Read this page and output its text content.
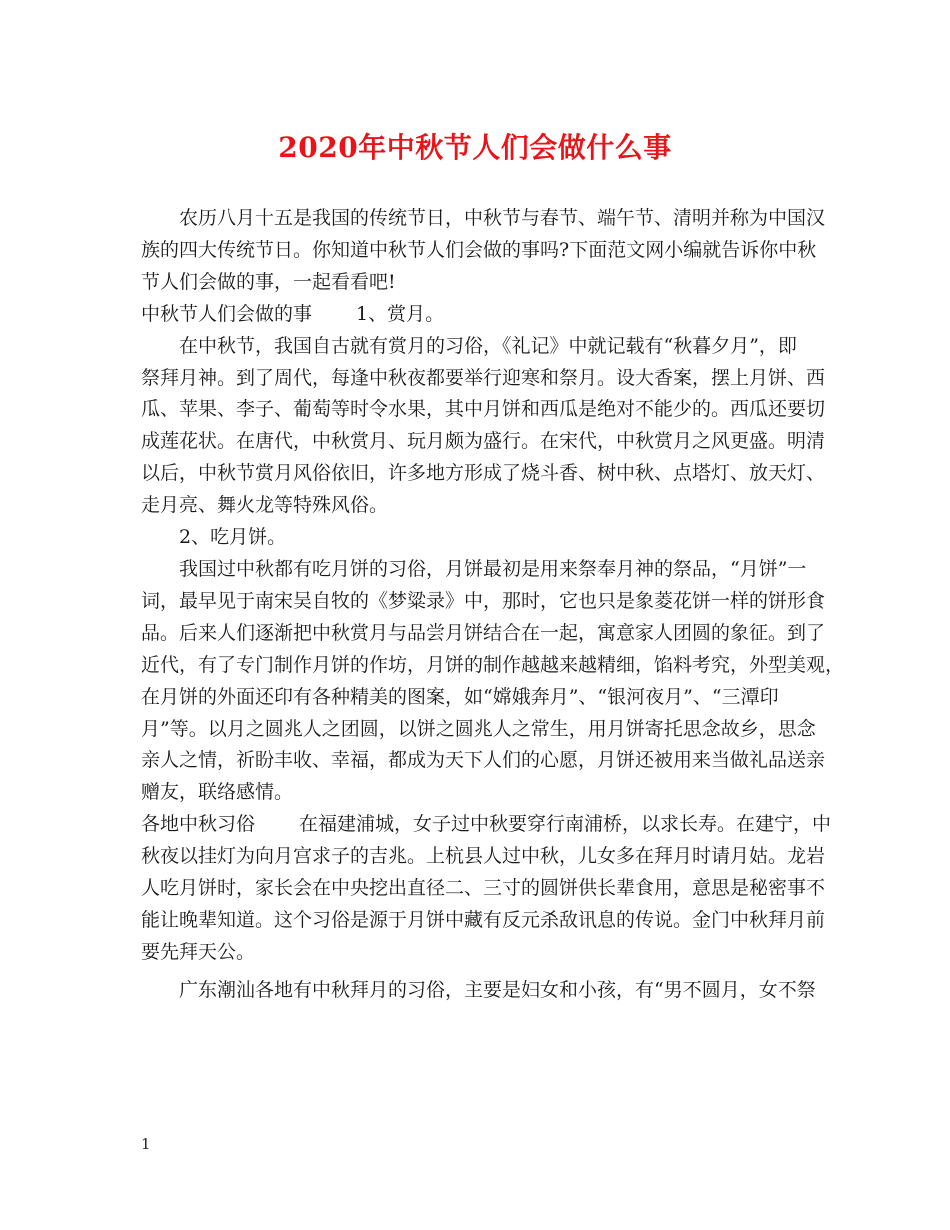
2020年中秋节人们会做什么事
农历八月十五是我国的传统节日，中秋节与春节、端午节、清明并称为中国汉
族的四大传统节日。你知道中秋节人们会做的事吗?下面范文网小编就告诉你中秋
节人们会做的事，一起看看吧!
中秋节人们会做的事 1、赏月。
在中秋节，我国自古就有赏月的习俗，《礼记》中就记载有“秋暮夕月”，即
祭拜月神。到了周代，每逢中秋夜都要举行迎寒和祭月。设大香案，摆上月饼、西
瓜、苹果、李子、葡萄等时令水果，其中月饼和西瓜是绝对不能少的。西瓜还要切
成莲花状。在唐代，中秋赏月、玩月颇为盛行。在宋代，中秋赏月之风更盛。明清
以后，中秋节赏月风俗依旧，许多地方形成了烧斗香、树中秋、点塔灯、放天灯、
走月亮、舞火龙等特殊风俗。
2、吃月饼。
我国过中秋都有吃月饼的习俗，月饼最初是用来祭奉月神的祭品，“月饼”一
词，最早见于南宋吴自牧的《梦粱录》中，那时，它也只是象菱花饼一样的饼形食
品。后来人们逐渐把中秋赏月与品尝月饼结合在一起，寓意家人团圆的象征。到了
近代，有了专门制作月饼的作坊，月饼的制作越越来越精细，馅料考究，外型美观，
在月饼的外面还印有各种精美的图案，如“嫦娥奔月”、“银河夜月”、“三潭印
月”等。以月之圆兆人之团圆，以饼之圆兆人之常生，用月饼寄托思念故乡，思念
亲人之情，祈盼丰收、幸福，都成为天下人们的心愿，月饼还被用来当做礼品送亲
赠友，联络感情。
各地中秋习俗 在福建浦城，女子过中秋要穿行南浦桥，以求长寿。在建宁，中
秋夜以挂灯为向月宫求子的吉兆。上杭县人过中秋，儿女多在拜月时请月姑。龙岩
人吃月饼时，家长会在中央挖出直径二、三寸的圆饼供长辈食用，意思是秘密事不
能让晚辈知道。这个习俗是源于月饼中藏有反元杀敌讯息的传说。金门中秋拜月前
要先拜天公。
广东潮汕各地有中秋拜月的习俗，主要是妇女和小孩，有“男不圆月，女不祭
1
